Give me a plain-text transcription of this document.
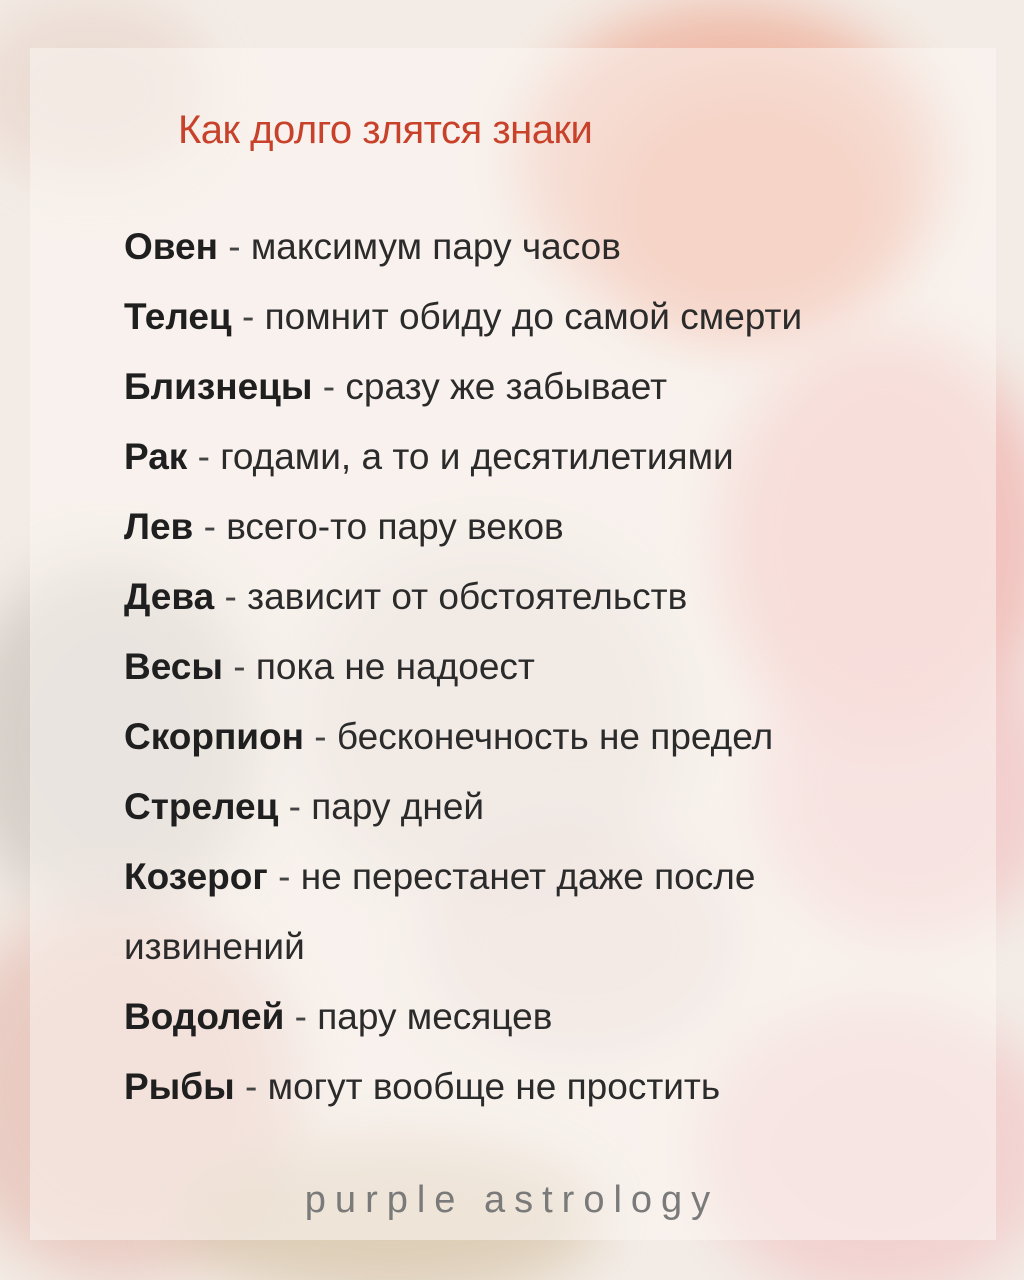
Как долго злятся знаки
Овен - максимум пару часов
Телец - помнит обиду до самой смерти
Близнецы - сразу же забывает
Рак - годами, а то и десятилетиями
Лев - всего-то пару веков
Дева - зависит от обстоятельств
Весы - пока не надоест
Скорпион - бесконечность не предел
Стрелец - пару дней
Козерог - не перестанет даже после извинений
Водолей - пару месяцев
Рыбы - могут вообще не простить
purple astrology
